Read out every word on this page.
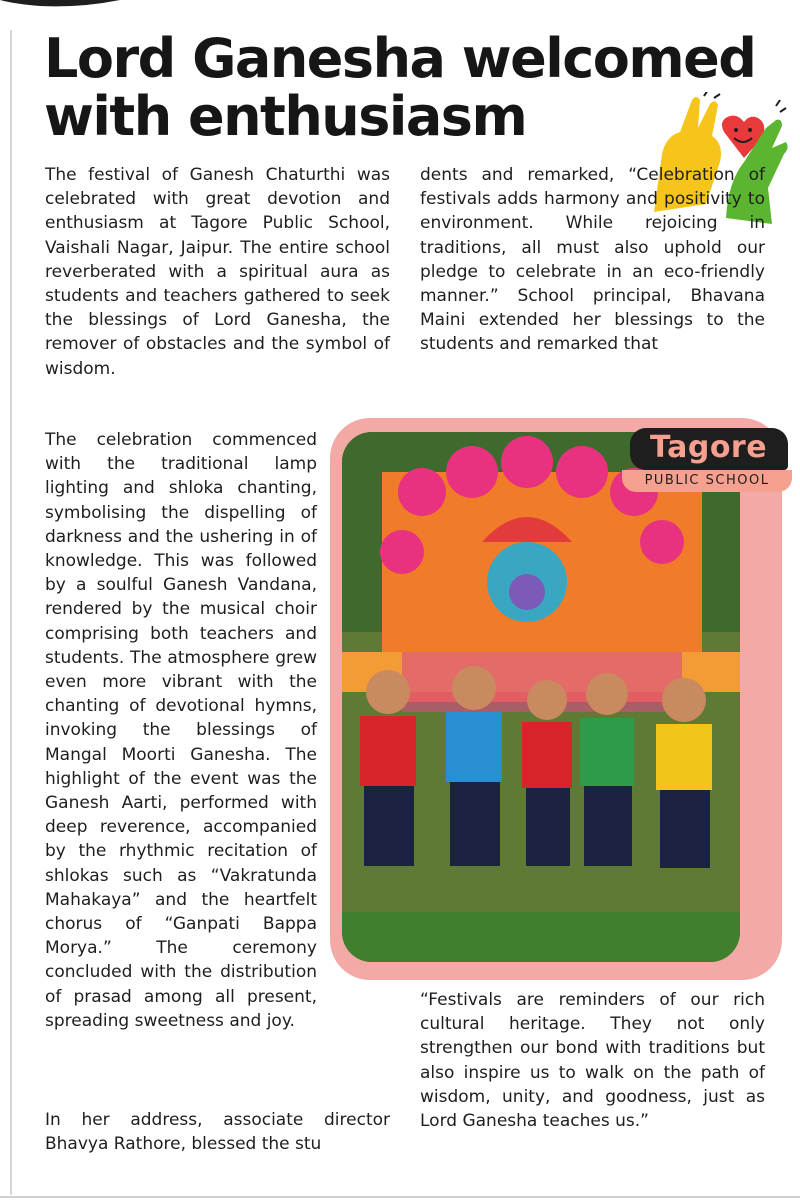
Lord Ganesha welcomed with enthusiasm

The festival of Ganesh Chaturthi was celebrated with great devotion and enthusiasm at Tagore Public School, Vaishali Nagar, Jaipur. The entire school reverberated with a spiritual aura as students and teachers gathered to seek the blessings of Lord Ganesha, the remover of obstacles and the symbol of wisdom.

The celebration commenced with the traditional lamp lighting and shloka chanting, symbolising the dispelling of darkness and the ushering in of knowledge. This was followed by a soulful Ganesh Vandana, rendered by the musical choir comprising both teachers and students. The atmosphere grew even more vibrant with the chanting of devotional hymns, invoking the blessings of Mangal Moorti Ganesha. The highlight of the event was the Ganesh Aarti, performed with deep reverence, accompanied by the rhythmic recitation of shlokas such as “Vakratunda Mahakaya” and the heartfelt chorus of “Ganpati Bappa Morya.” The ceremony concluded with the distribution of prasad among all present, spreading sweetness and joy.

In her address, associate director Bhavya Rathore, blessed the stu

dents and remarked, “Celebration of festivals adds harmony and positivity to environment. While rejoicing in traditions, all must also uphold our pledge to celebrate in an eco-friendly manner.” School principal, Bhavana Maini extended her blessings to the students and remarked that

“Festivals are reminders of our rich cultural heritage. They not only strengthen our bond with traditions but also inspire us to walk on the path of wisdom, unity, and goodness, just as Lord Ganesha teaches us.”

Tagore
PUBLIC SCHOOL
